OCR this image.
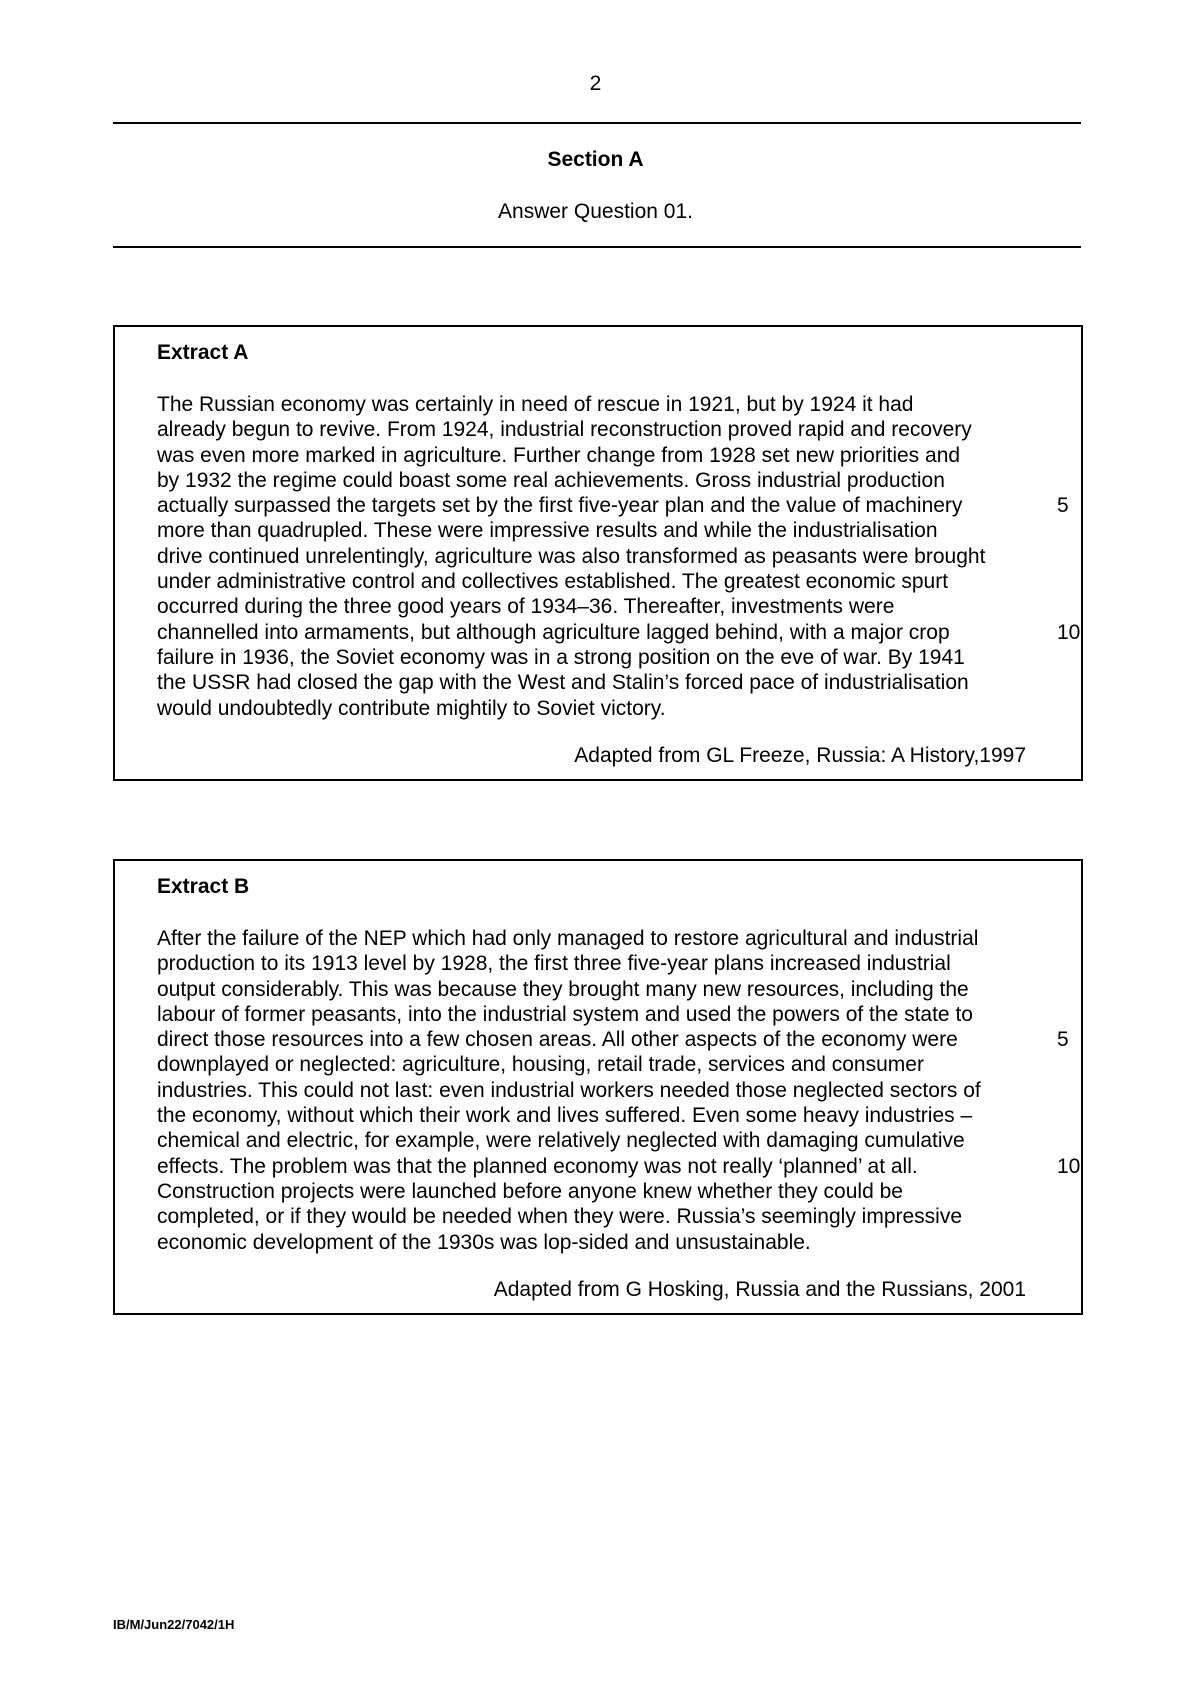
2
Section A
Answer Question 01.
Extract A
The Russian economy was certainly in need of rescue in 1921, but by 1924 it had
already begun to revive. From 1924, industrial reconstruction proved rapid and recovery
was even more marked in agriculture. Further change from 1928 set new priorities and
by 1932 the regime could boast some real achievements. Gross industrial production
actually surpassed the targets set by the first five-year plan and the value of machinery	5
more than quadrupled. These were impressive results and while the industrialisation
drive continued unrelentingly, agriculture was also transformed as peasants were brought
under administrative control and collectives established. The greatest economic spurt
occurred during the three good years of 1934–36. Thereafter, investments were
channelled into armaments, but although agriculture lagged behind, with a major crop	10
failure in 1936, the Soviet economy was in a strong position on the eve of war. By 1941
the USSR had closed the gap with the West and Stalin’s forced pace of industrialisation
would undoubtedly contribute mightily to Soviet victory.
Adapted from GL Freeze, Russia: A History,1997
Extract B
After the failure of the NEP which had only managed to restore agricultural and industrial
production to its 1913 level by 1928, the first three five-year plans increased industrial
output considerably. This was because they brought many new resources, including the
labour of former peasants, into the industrial system and used the powers of the state to
direct those resources into a few chosen areas. All other aspects of the economy were	5
downplayed or neglected: agriculture, housing, retail trade, services and consumer
industries. This could not last: even industrial workers needed those neglected sectors of
the economy, without which their work and lives suffered. Even some heavy industries –
chemical and electric, for example, were relatively neglected with damaging cumulative
effects. The problem was that the planned economy was not really ‘planned’ at all.	10
Construction projects were launched before anyone knew whether they could be
completed, or if they would be needed when they were. Russia’s seemingly impressive
economic development of the 1930s was lop-sided and unsustainable.
Adapted from G Hosking, Russia and the Russians, 2001
IB/M/Jun22/7042/1H
